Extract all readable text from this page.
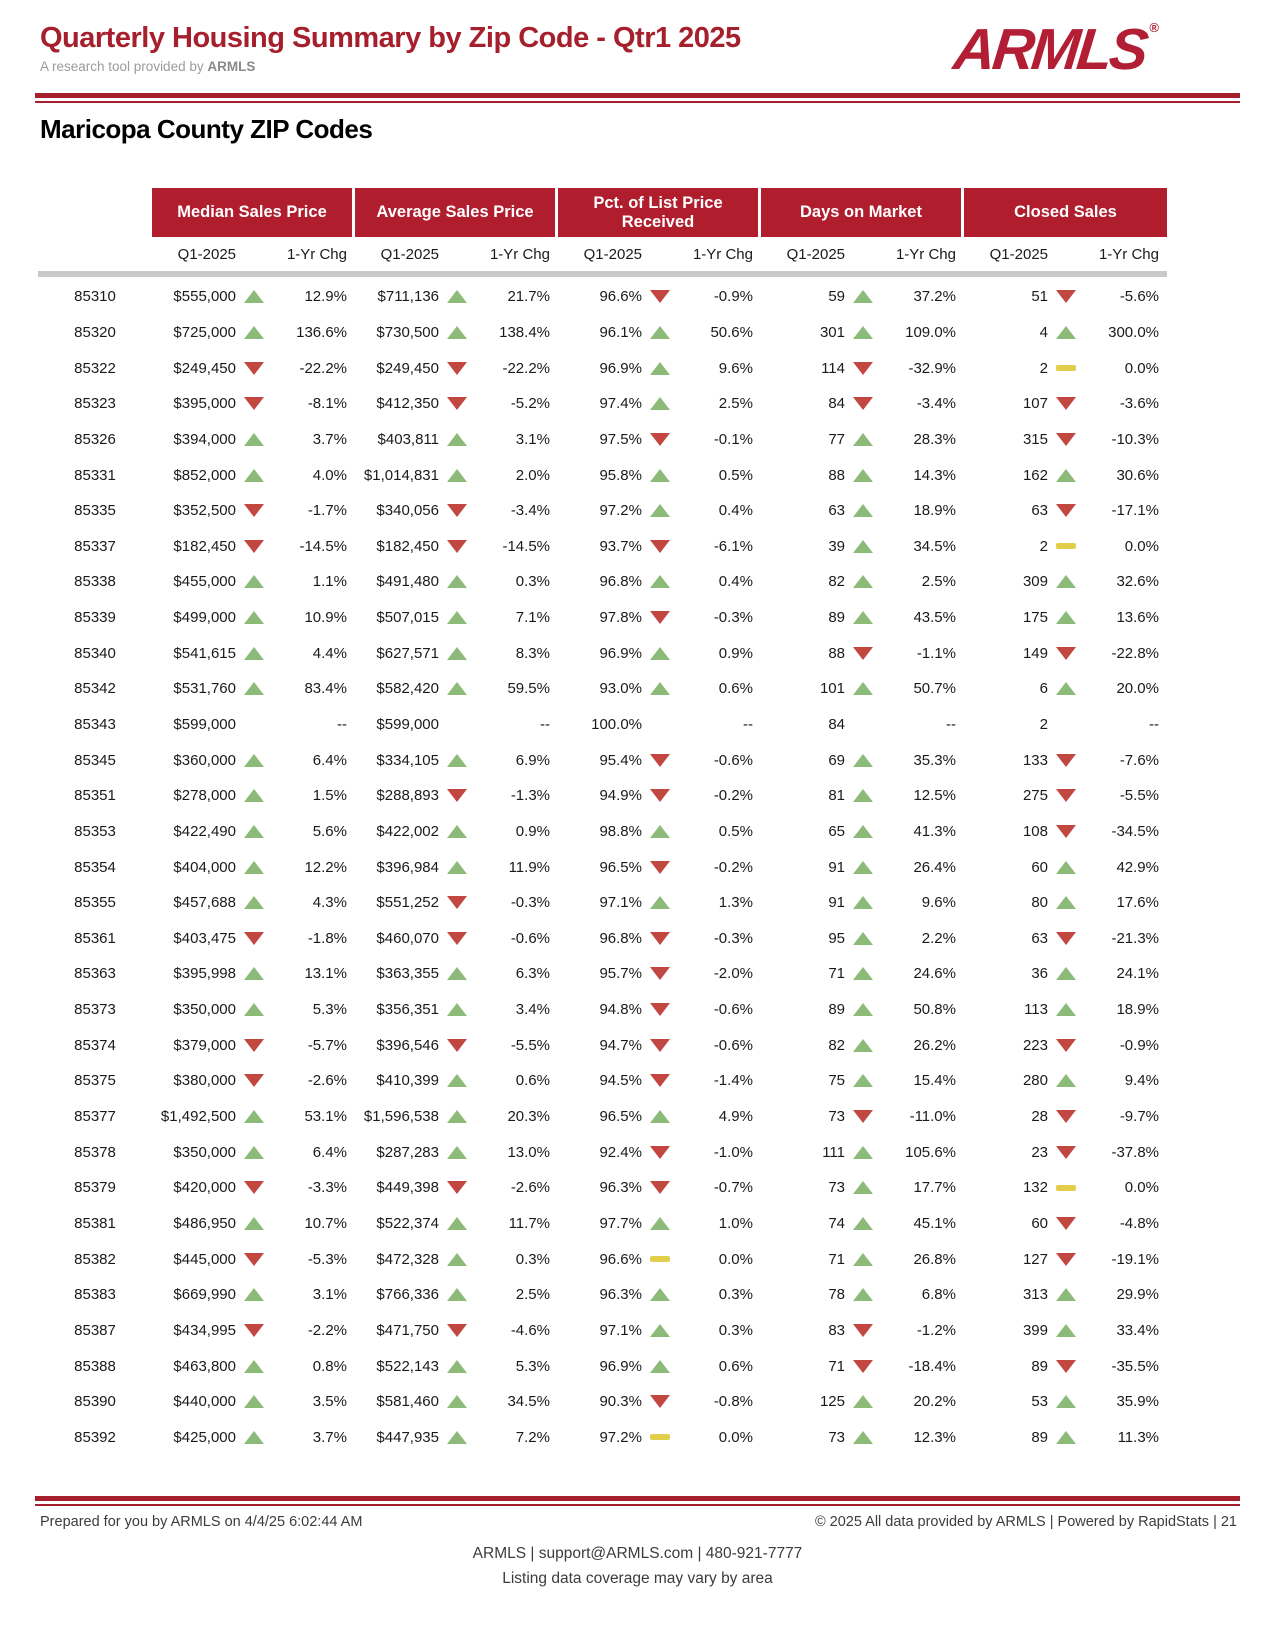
Quarterly Housing Summary by Zip Code - Qtr1 2025
A research tool provided by ARMLS	ARMLS ®
Maricopa County ZIP Codes
Median Sales Price	Average Sales Price
Pct. of List Price Received
Days on Market	Closed Sales
Q1-2025	1-Yr Chg	Q1-2025	1-Yr Chg	Q1-2025	1-Yr Chg	Q1-2025	1-Yr Chg	Q1-2025	1-Yr Chg
85310	$555,000	12.9%	$711,136	21.7%	96.6%	-0.9%	59	37.2%	51	-5.6%
85320	$725,000	136.6%	$730,500	138.4%	96.1%	50.6%	301	109.0%	4	300.0%
85322	$249,450	-22.2%	$249,450	-22.2%	96.9%	9.6%	114	-32.9%	2	0.0%
85323	$395,000	-8.1%	$412,350	-5.2%	97.4%	2.5%	84	-3.4%	107	-3.6%
85326	$394,000	3.7%	$403,811	3.1%	97.5%	-0.1%	77	28.3%	315	-10.3%
85331	$852,000	4.0%	$1,014,831	2.0%	95.8%	0.5%	88	14.3%	162	30.6%
85335	$352,500	-1.7%	$340,056	-3.4%	97.2%	0.4%	63	18.9%	63	-17.1%
85337	$182,450	-14.5%	$182,450	-14.5%	93.7%	-6.1%	39	34.5%	2	0.0%
85338	$455,000	1.1%	$491,480	0.3%	96.8%	0.4%	82	2.5%	309	32.6%
85339	$499,000	10.9%	$507,015	7.1%	97.8%	-0.3%	89	43.5%	175	13.6%
85340	$541,615	4.4%	$627,571	8.3%	96.9%	0.9%	88	-1.1%	149	-22.8%
85342	$531,760	83.4%	$582,420	59.5%	93.0%	0.6%	101	50.7%	6	20.0%
85343	$599,000	--	$599,000	--	100.0%	--	84	--	2	--
85345	$360,000	6.4%	$334,105	6.9%	95.4%	-0.6%	69	35.3%	133	-7.6%
85351	$278,000	1.5%	$288,893	-1.3%	94.9%	-0.2%	81	12.5%	275	-5.5%
85353	$422,490	5.6%	$422,002	0.9%	98.8%	0.5%	65	41.3%	108	-34.5%
85354	$404,000	12.2%	$396,984	11.9%	96.5%	-0.2%	91	26.4%	60	42.9%
85355	$457,688	4.3%	$551,252	-0.3%	97.1%	1.3%	91	9.6%	80	17.6%
85361	$403,475	-1.8%	$460,070	-0.6%	96.8%	-0.3%	95	2.2%	63	-21.3%
85363	$395,998	13.1%	$363,355	6.3%	95.7%	-2.0%	71	24.6%	36	24.1%
85373	$350,000	5.3%	$356,351	3.4%	94.8%	-0.6%	89	50.8%	113	18.9%
85374	$379,000	-5.7%	$396,546	-5.5%	94.7%	-0.6%	82	26.2%	223	-0.9%
85375	$380,000	-2.6%	$410,399	0.6%	94.5%	-1.4%	75	15.4%	280	9.4%
85377	$1,492,500	53.1%	$1,596,538	20.3%	96.5%	4.9%	73	-11.0%	28	-9.7%
85378	$350,000	6.4%	$287,283	13.0%	92.4%	-1.0%	111	105.6%	23	-37.8%
85379	$420,000	-3.3%	$449,398	-2.6%	96.3%	-0.7%	73	17.7%	132	0.0%
85381	$486,950	10.7%	$522,374	11.7%	97.7%	1.0%	74	45.1%	60	-4.8%
85382	$445,000	-5.3%	$472,328	0.3%	96.6%	0.0%	71	26.8%	127	-19.1%
85383	$669,990	3.1%	$766,336	2.5%	96.3%	0.3%	78	6.8%	313	29.9%
85387	$434,995	-2.2%	$471,750	-4.6%	97.1%	0.3%	83	-1.2%	399	33.4%
85388	$463,800	0.8%	$522,143	5.3%	96.9%	0.6%	71	-18.4%	89	-35.5%
85390	$440,000	3.5%	$581,460	34.5%	90.3%	-0.8%	125	20.2%	53	35.9%
85392	$425,000	3.7%	$447,935	7.2%	97.2%	0.0%	73	12.3%	89	11.3%
Prepared for you by ARMLS on 4/4/25 6:02:44 AM	© 2025 All data provided by ARMLS | Powered by RapidStats | 21
ARMLS | support@ARMLS.com | 480-921-7777
Listing data coverage may vary by area
